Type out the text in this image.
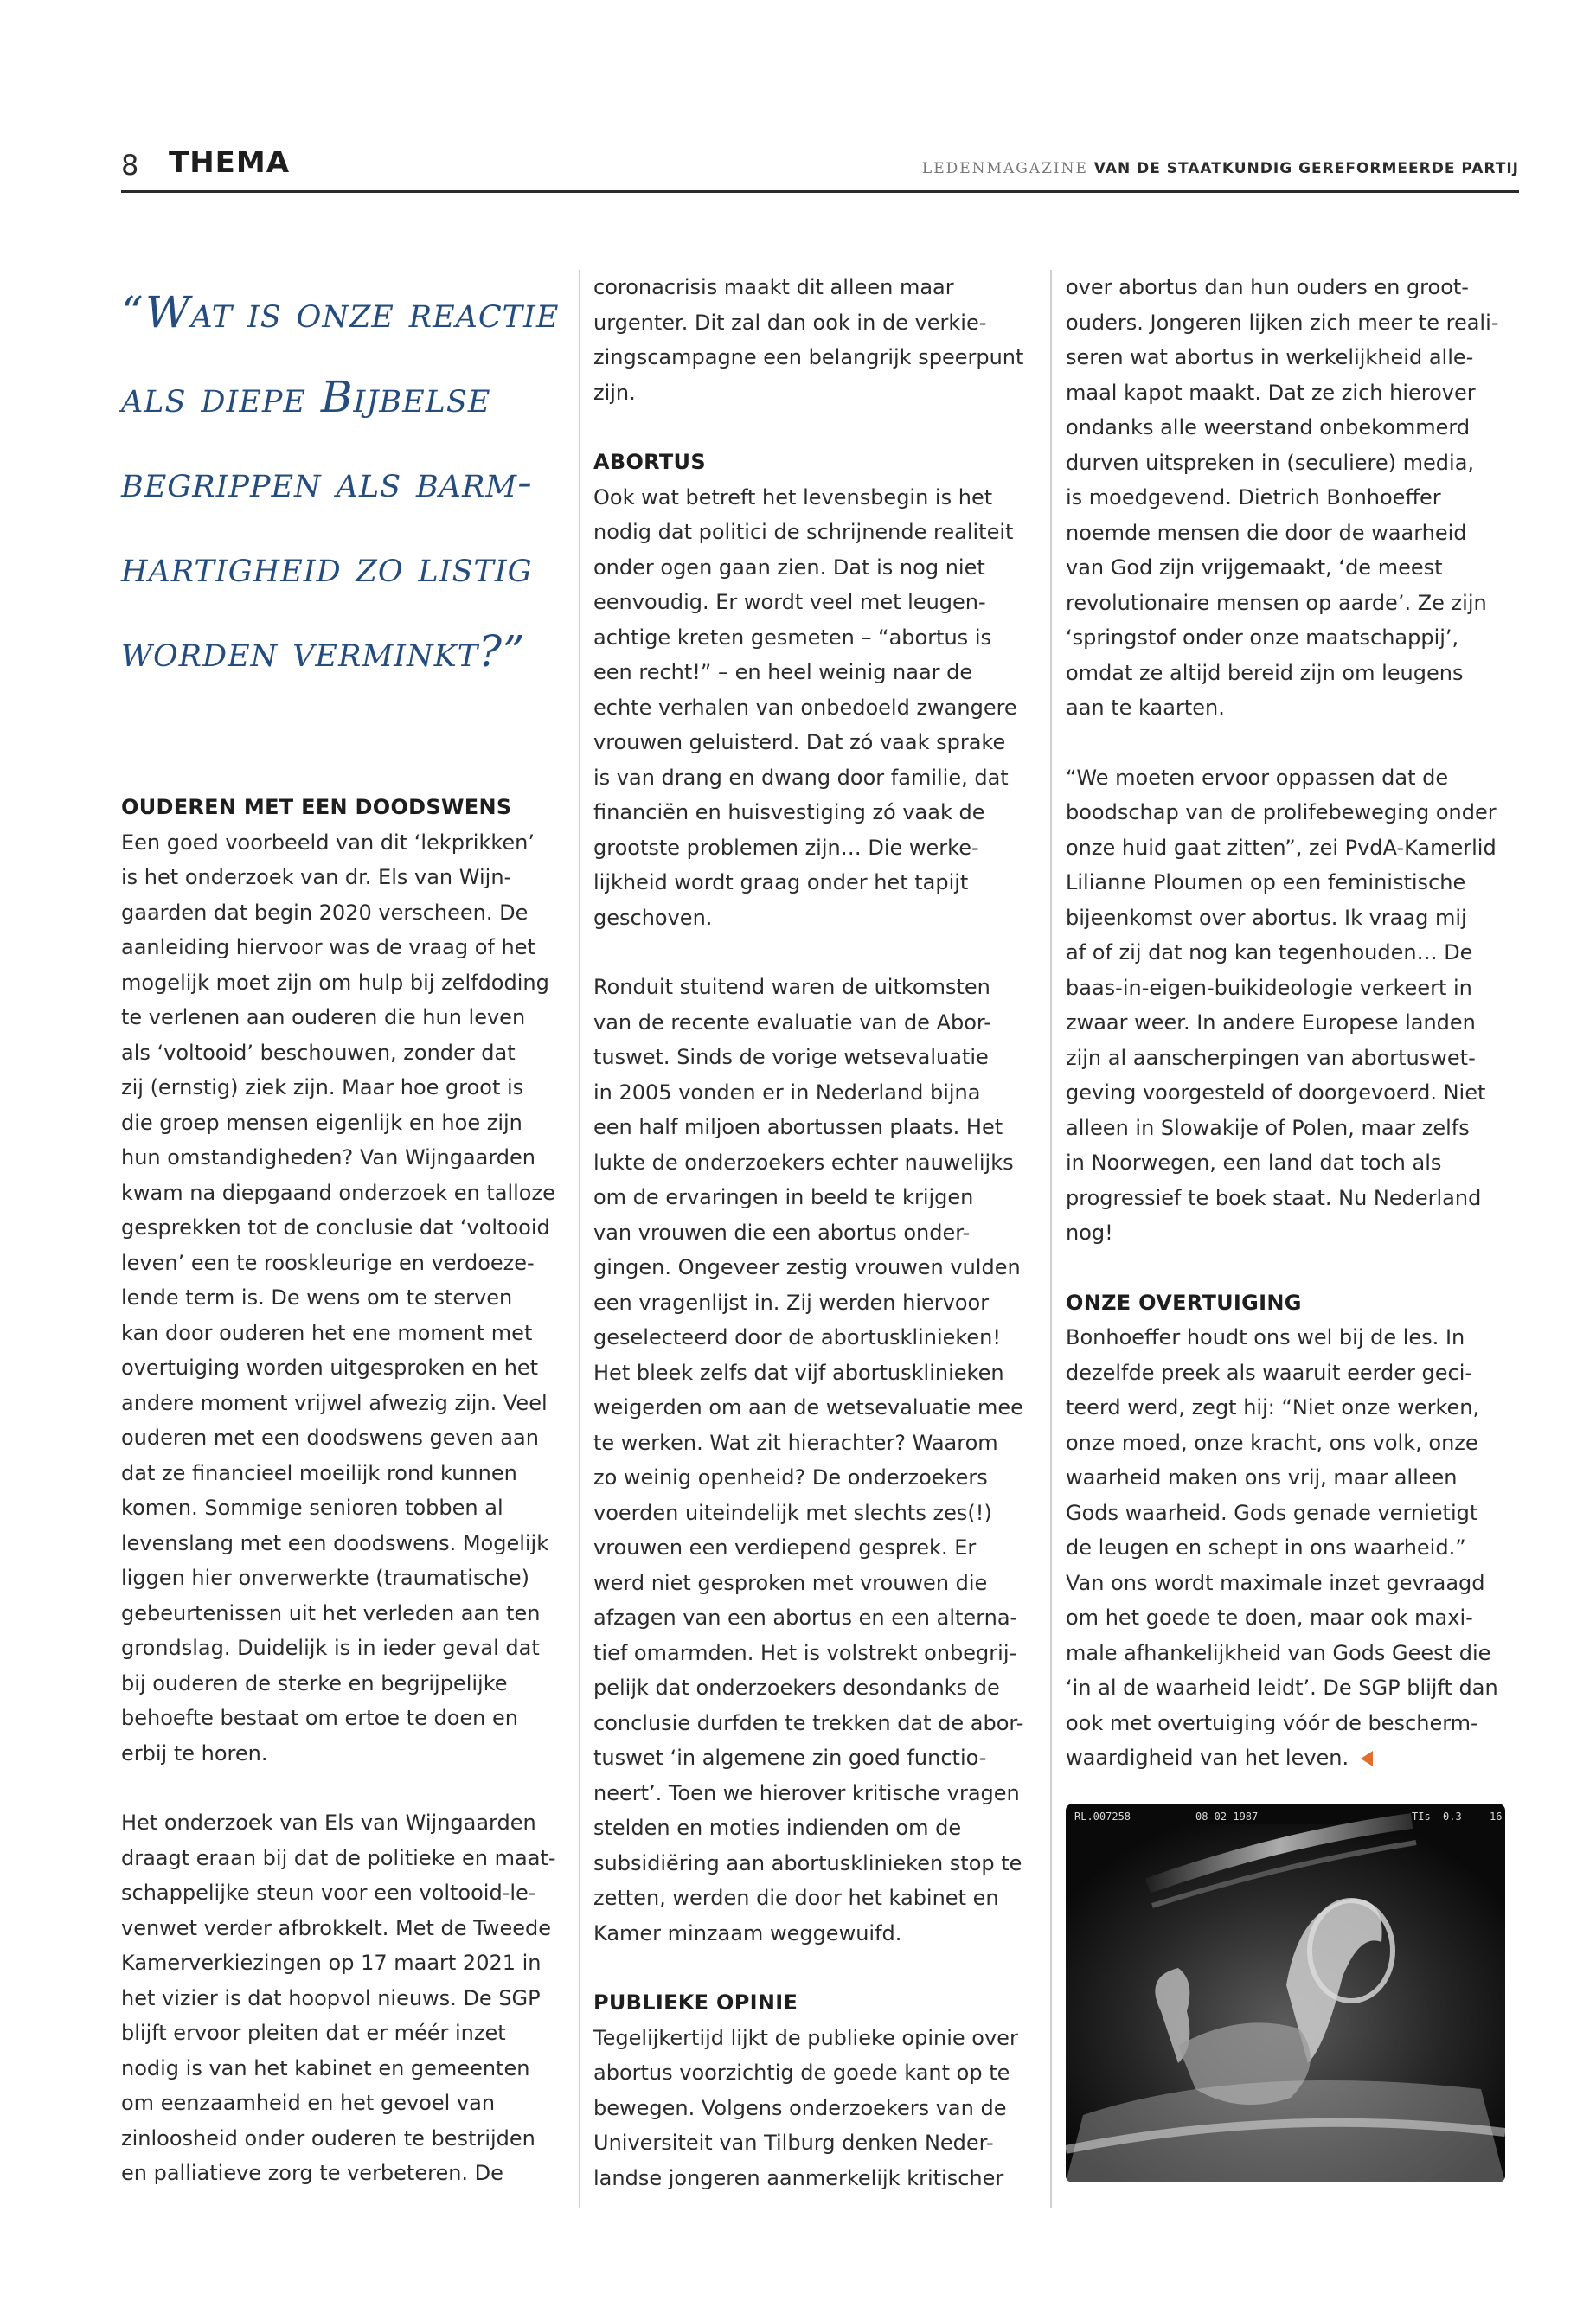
8 THEMA	LEDENMAGAZINE VAN DE STAATKUNDIG GEREFORMEERDE PARTIJ
“Wat is onze reactie
als diepe Bijbelse
begrippen als barm-
hartigheid zo listig
worden verminkt?”
OUDEREN MET EEN DOODSWENS

Een goed voorbeeld van dit ‘lekprikken’
is het onderzoek van dr. Els van Wijn-
gaarden dat begin 2020 verscheen. De
aanleiding hiervoor was de vraag of het
mogelijk moet zijn om hulp bij zelfdoding
te verlenen aan ouderen die hun leven
als ‘voltooid’ beschouwen, zonder dat
zij (ernstig) ziek zijn. Maar hoe groot is
die groep mensen eigenlijk en hoe zijn
hun omstandigheden? Van Wijngaarden
kwam na diepgaand onderzoek en talloze
gesprekken tot de conclusie dat ‘voltooid
leven’ een te rooskleurige en verdoeze-
lende term is. De wens om te sterven
kan door ouderen het ene moment met
overtuiging worden uitgesproken en het
andere moment vrijwel afwezig zijn. Veel
ouderen met een doodswens geven aan
dat ze financieel moeilijk rond kunnen
komen. Sommige senioren tobben al
levenslang met een doodswens. Mogelijk
liggen hier onverwerkte (traumatische)
gebeurtenissen uit het verleden aan ten
grondslag. Duidelijk is in ieder geval dat
bij ouderen de sterke en begrijpelijke
behoefte bestaat om ertoe te doen en
erbij te horen.

Het onderzoek van Els van Wijngaarden
draagt eraan bij dat de politieke en maat-
schappelijke steun voor een voltooid-le-
venwet verder afbrokkelt. Met de Tweede
Kamerverkiezingen op 17 maart 2021 in
het vizier is dat hoopvol nieuws. De SGP
blijft ervoor pleiten dat er méér inzet
nodig is van het kabinet en gemeenten
om eenzaamheid en het gevoel van
zinloosheid onder ouderen te bestrijden
en palliatieve zorg te verbeteren. De

coronacrisis maakt dit alleen maar
urgenter. Dit zal dan ook in de verkie-
zingscampagne een belangrijk speerpunt
zijn.

ABORTUS

Ook wat betreft het levensbegin is het
nodig dat politici de schrijnende realiteit
onder ogen gaan zien. Dat is nog niet
eenvoudig. Er wordt veel met leugen-
achtige kreten gesmeten – “abortus is
een recht!” – en heel weinig naar de
echte verhalen van onbedoeld zwangere
vrouwen geluisterd. Dat zó vaak sprake
is van drang en dwang door familie, dat
financiën en huisvestiging zó vaak de
grootste problemen zijn… Die werke-
lijkheid wordt graag onder het tapijt
geschoven.

Ronduit stuitend waren de uitkomsten
van de recente evaluatie van de Abor-
tuswet. Sinds de vorige wetsevaluatie
in 2005 vonden er in Nederland bijna
een half miljoen abortussen plaats. Het
lukte de onderzoekers echter nauwelijks
om de ervaringen in beeld te krijgen
van vrouwen die een abortus onder-
gingen. Ongeveer zestig vrouwen vulden
een vragenlijst in. Zij werden hiervoor
geselecteerd door de abortusklinieken!
Het bleek zelfs dat vijf abortusklinieken
weigerden om aan de wetsevaluatie mee
te werken. Wat zit hierachter? Waarom
zo weinig openheid? De onderzoekers
voerden uiteindelijk met slechts zes(!)
vrouwen een verdiepend gesprek. Er
werd niet gesproken met vrouwen die
afzagen van een abortus en een alterna-
tief omarmden. Het is volstrekt onbegrij-
pelijk dat onderzoekers desondanks de
conclusie durfden te trekken dat de abor-
tuswet ‘in algemene zin goed functio-
neert’. Toen we hierover kritische vragen
stelden en moties indienden om de
subsidiëring aan abortusklinieken stop te
zetten, werden die door het kabinet en
Kamer minzaam weggewuifd.

PUBLIEKE OPINIE

Tegelijkertijd lijkt de publieke opinie over
abortus voorzichtig de goede kant op te
bewegen. Volgens onderzoekers van de
Universiteit van Tilburg denken Neder-
landse jongeren aanmerkelijk kritischer

over abortus dan hun ouders en groot-
ouders. Jongeren lijken zich meer te reali-
seren wat abortus in werkelijkheid alle-
maal kapot maakt. Dat ze zich hierover
ondanks alle weerstand onbekommerd
durven uitspreken in (seculiere) media,
is moedgevend. Dietrich Bonhoeffer
noemde mensen die door de waarheid
van God zijn vrijgemaakt, ‘de meest
revolutionaire mensen op aarde’. Ze zijn
‘springstof onder onze maatschappij’,
omdat ze altijd bereid zijn om leugens
aan te kaarten.

“We moeten ervoor oppassen dat de
boodschap van de prolifebeweging onder
onze huid gaat zitten”, zei PvdA-Kamerlid
Lilianne Ploumen op een feministische
bijeenkomst over abortus. Ik vraag mij
af of zij dat nog kan tegenhouden… De
baas-in-eigen-buikideologie verkeert in
zwaar weer. In andere Europese landen
zijn al aanscherpingen van abortuswet-
geving voorgesteld of doorgevoerd. Niet
alleen in Slowakije of Polen, maar zelfs
in Noorwegen, een land dat toch als
progressief te boek staat. Nu Nederland
nog!

ONZE OVERTUIGING

Bonhoeffer houdt ons wel bij de les. In
dezelfde preek als waaruit eerder geci-
teerd werd, zegt hij: “Niet onze werken,
onze moed, onze kracht, ons volk, onze
waarheid maken ons vrij, maar alleen
Gods waarheid. Gods genade vernietigt
de leugen en schept in ons waarheid.”
Van ons wordt maximale inzet gevraagd
om het goede te doen, maar ook maxi-
male afhankelijkheid van Gods Geest die
‘in al de waarheid leidt’. De SGP blijft dan
ook met overtuiging vóór de bescherm-
waardigheid van het leven.

RL.007258	08-02-1987	TIs 0.3	16
